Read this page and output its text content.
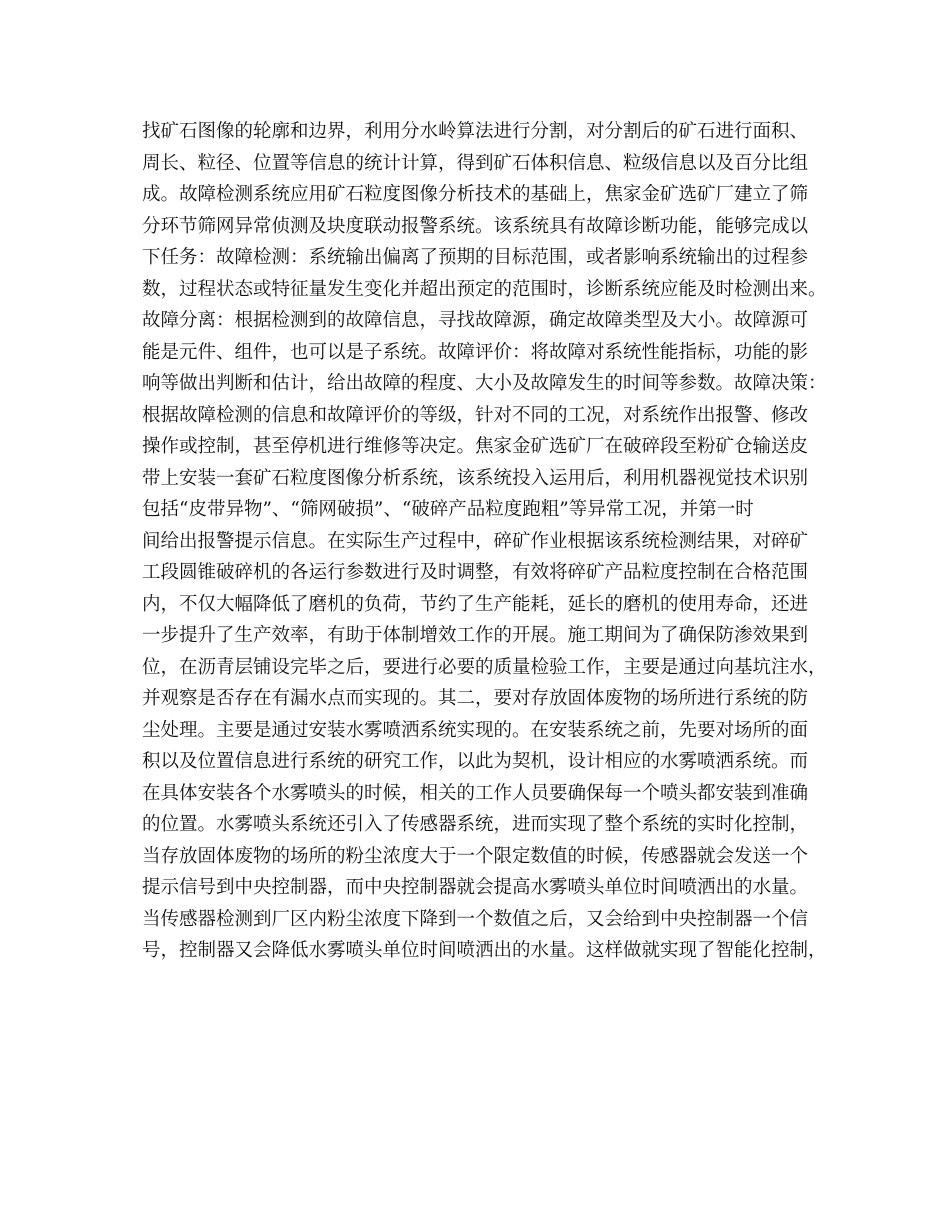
找矿石图像的轮廓和边界，利用分水岭算法进行分割，对分割后的矿石进行面积、
周长、粒径、位置等信息的统计计算，得到矿石体积信息、粒级信息以及百分比组
成。故障检测系统应用矿石粒度图像分析技术的基础上，焦家金矿选矿厂建立了筛
分环节筛网异常侦测及块度联动报警系统。该系统具有故障诊断功能，能够完成以
下任务：故障检测：系统输出偏离了预期的目标范围，或者影响系统输出的过程参
数，过程状态或特征量发生变化并超出预定的范围时，诊断系统应能及时检测出来。
故障分离：根据检测到的故障信息，寻找故障源，确定故障类型及大小。故障源可
能是元件、组件，也可以是子系统。故障评价：将故障对系统性能指标，功能的影
响等做出判断和估计，给出故障的程度、大小及故障发生的时间等参数。故障决策：
根据故障检测的信息和故障评价的等级，针对不同的工况，对系统作出报警、修改
操作或控制，甚至停机进行维修等决定。焦家金矿选矿厂在破碎段至粉矿仓输送皮
带上安装一套矿石粒度图像分析系统，该系统投入运用后，利用机器视觉技术识别
包括“皮带异物”、“筛网破损”、“破碎产品粒度跑粗”等异常工况，并第一时
间给出报警提示信息。在实际生产过程中，碎矿作业根据该系统检测结果，对碎矿
工段圆锥破碎机的各运行参数进行及时调整，有效将碎矿产品粒度控制在合格范围
内，不仅大幅降低了磨机的负荷，节约了生产能耗，延长的磨机的使用寿命，还进
一步提升了生产效率，有助于体制增效工作的开展。施工期间为了确保防渗效果到
位，在沥青层铺设完毕之后，要进行必要的质量检验工作，主要是通过向基坑注水，
并观察是否存在有漏水点而实现的。其二，要对存放固体废物的场所进行系统的防
尘处理。主要是通过安装水雾喷洒系统实现的。在安装系统之前，先要对场所的面
积以及位置信息进行系统的研究工作，以此为契机，设计相应的水雾喷洒系统。而
在具体安装各个水雾喷头的时候，相关的工作人员要确保每一个喷头都安装到准确
的位置。水雾喷头系统还引入了传感器系统，进而实现了整个系统的实时化控制，
当存放固体废物的场所的粉尘浓度大于一个限定数值的时候，传感器就会发送一个
提示信号到中央控制器，而中央控制器就会提高水雾喷头单位时间喷洒出的水量。
当传感器检测到厂区内粉尘浓度下降到一个数值之后，又会给到中央控制器一个信
号，控制器又会降低水雾喷头单位时间喷洒出的水量。这样做就实现了智能化控制，
